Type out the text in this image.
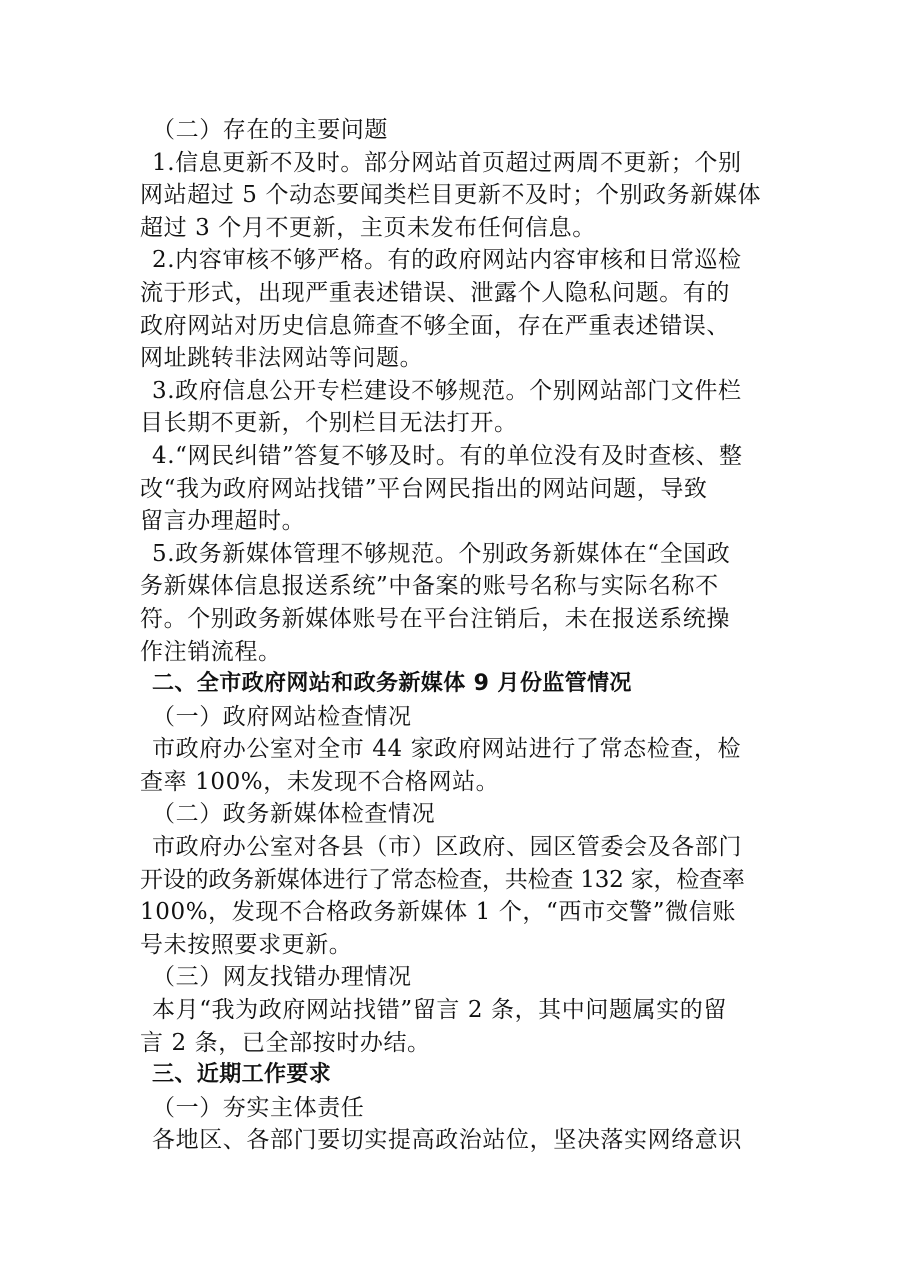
（二）存在的主要问题
1.信息更新不及时。部分网站首页超过两周不更新；个别
网站超过 5 个动态要闻类栏目更新不及时；个别政务新媒体
超过 3 个月不更新，主页未发布任何信息。
2.内容审核不够严格。有的政府网站内容审核和日常巡检
流于形式，出现严重表述错误、泄露个人隐私问题。有的
政府网站对历史信息筛查不够全面，存在严重表述错误、
网址跳转非法网站等问题。
3.政府信息公开专栏建设不够规范。个别网站部门文件栏
目长期不更新，个别栏目无法打开。
4.“网民纠错”答复不够及时。有的单位没有及时查核、整
改“我为政府网站找错”平台网民指出的网站问题，导致
留言办理超时。
5.政务新媒体管理不够规范。个别政务新媒体在“全国政
务新媒体信息报送系统”中备案的账号名称与实际名称不
符。个别政务新媒体账号在平台注销后，未在报送系统操
作注销流程。
二、全市政府网站和政务新媒体 9 月份监管情况
（一）政府网站检查情况
市政府办公室对全市 44 家政府网站进行了常态检查，检
查率 100%，未发现不合格网站。
（二）政务新媒体检查情况
市政府办公室对各县（市）区政府、园区管委会及各部门
开设的政务新媒体进行了常态检查，共检查 132 家，检查率
100%，发现不合格政务新媒体 1 个，“西市交警”微信账
号未按照要求更新。
（三）网友找错办理情况
本月“我为政府网站找错”留言 2 条，其中问题属实的留
言 2 条，已全部按时办结。
三、近期工作要求
（一）夯实主体责任
各地区、各部门要切实提高政治站位，坚决落实网络意识
